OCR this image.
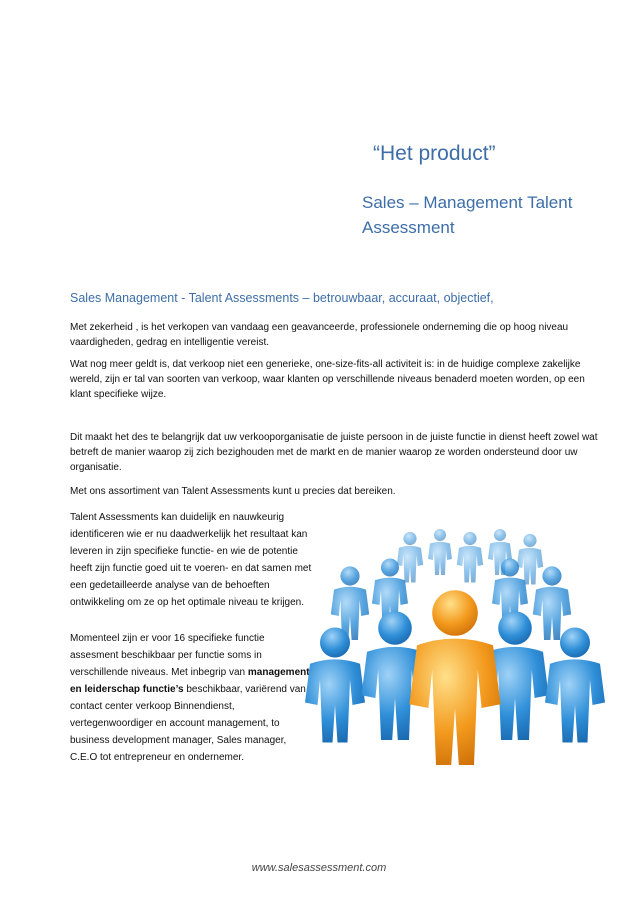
“Het product”
Sales – Management Talent
Assessment
Sales Management - Talent Assessments – betrouwbaar, accuraat, objectief,

Met zekerheid , is het verkopen van vandaag een geavanceerde, professionele onderneming die op hoog niveau vaardigheden, gedrag en intelligentie vereist.

Wat nog meer geldt is, dat verkoop niet een generieke, one-size-fits-all activiteit is: in de huidige complexe zakelijke wereld, zijn er tal van soorten van verkoop, waar klanten op verschillende niveaus benaderd moeten worden, op een klant specifieke wijze.

Dit maakt het des te belangrijk dat uw verkooporganisatie de juiste persoon in de juiste functie in dienst heeft zowel wat betreft de manier waarop zij zich bezighouden met de markt en de manier waarop ze worden ondersteund door uw organisatie.

Met ons assortiment van Talent Assessments kunt u precies dat bereiken.

Talent Assessments kan duidelijk en nauwkeurig identificeren wie er nu daadwerkelijk het resultaat kan leveren in zijn specifieke functie- en wie de potentie heeft zijn functie goed uit te voeren- en dat samen met een gedetailleerde analyse van de behoeften ontwikkeling om ze op het optimale niveau te krijgen.

Momenteel zijn er voor 16 specifieke functie assesment beschikbaar per functie soms in verschillende niveaus. Met inbegrip van management en leiderschap functie’s beschikbaar, variërend van contact center verkoop Binnendienst, vertegenwoordiger en account management, to business development manager, Sales manager, C.E.O tot entrepreneur en ondernemer.

www.salesassessment.com
